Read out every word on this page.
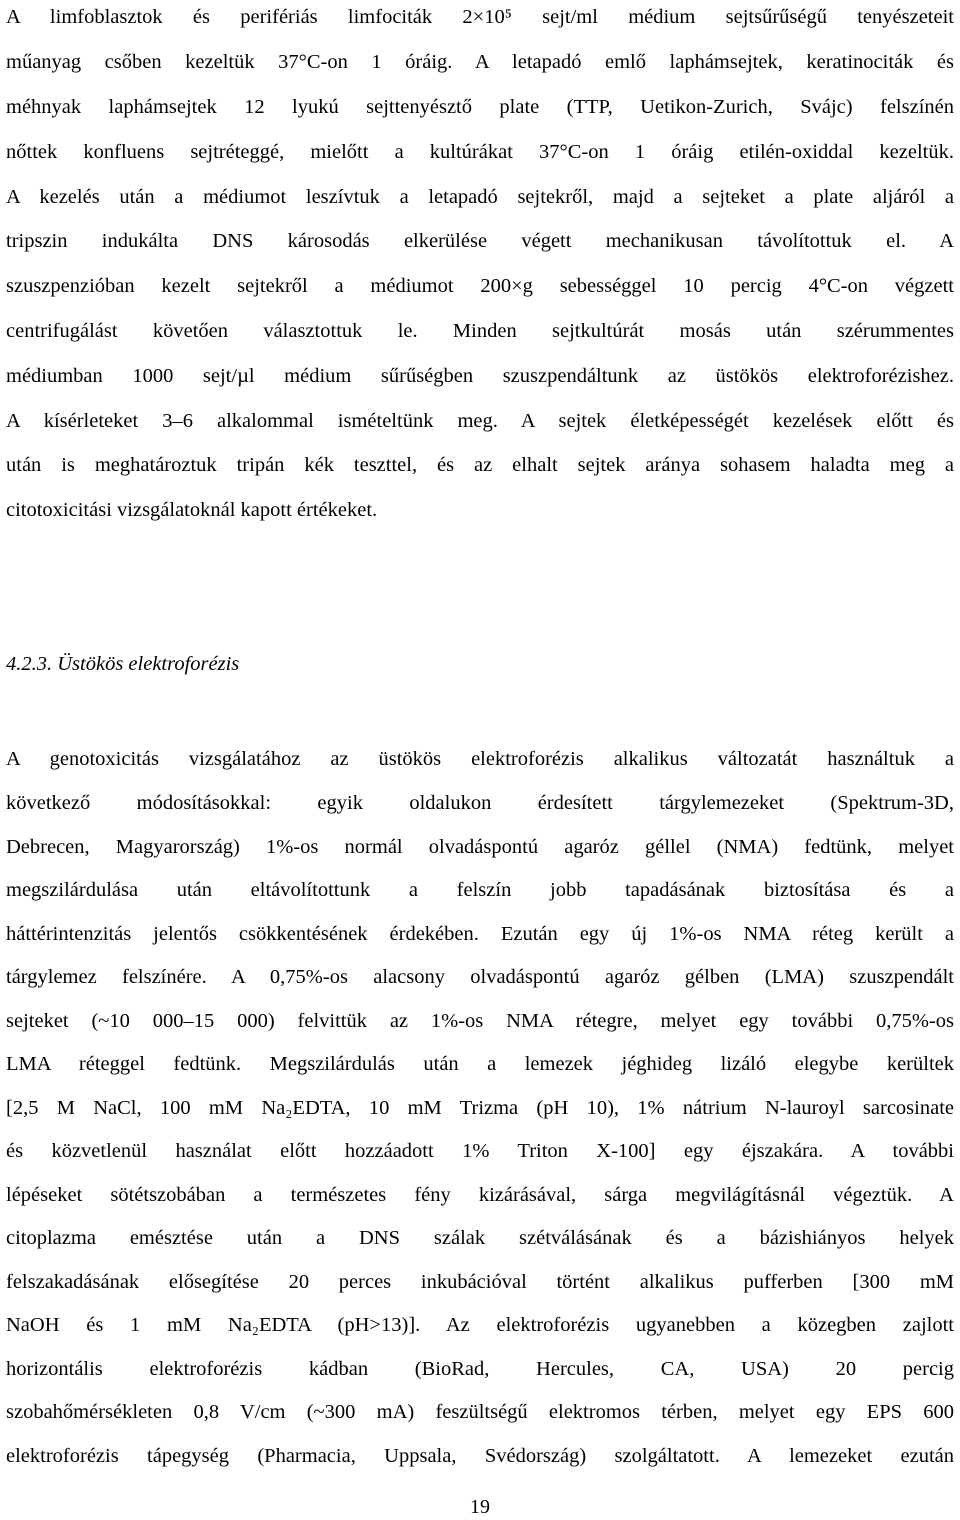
A limfoblasztok és perifériás limfociták 2×10⁵ sejt/ml médium sejtsűrűségű tenyészeteit
műanyag csőben kezeltük 37°C-on 1 óráig. A letapadó emlő laphámsejtek, keratinociták és
méhnyak laphámsejtek 12 lyukú sejttenyésztő plate (TTP, Uetikon-Zurich, Svájc) felszínén
nőttek konfluens sejtréteggé, mielőtt a kultúrákat 37°C-on 1 óráig etilén-oxiddal kezeltük.
A kezelés után a médiumot leszívtuk a letapadó sejtekről, majd a sejteket a plate aljáról a
tripszin indukálta DNS károsodás elkerülése végett mechanikusan távolítottuk el. A
szuszpenzióban kezelt sejtekről a médiumot 200×g sebességgel 10 percig 4°C-on végzett
centrifugálást követően választottuk le. Minden sejtkultúrát mosás után szérummentes
médiumban 1000 sejt/µl médium sűrűségben szuszpendáltunk az üstökös elektroforézishez.
A kísérleteket 3–6 alkalommal ismételtünk meg. A sejtek életképességét kezelések előtt és
után is meghatároztuk tripán kék teszttel, és az elhalt sejtek aránya sohasem haladta meg a
citotoxicitási vizsgálatoknál kapott értékeket.
4.2.3. Üstökös elektroforézis
A genotoxicitás vizsgálatához az üstökös elektroforézis alkalikus változatát használtuk a
következő módosításokkal: egyik oldalukon érdesített tárgylemezeket (Spektrum-3D,
Debrecen, Magyarország) 1%-os normál olvadáspontú agaróz géllel (NMA) fedtünk, melyet
megszilárdulása után eltávolítottunk a felszín jobb tapadásának biztosítása és a
háttérintenzitás jelentős csökkentésének érdekében. Ezután egy új 1%-os NMA réteg került a
tárgylemez felszínére. A 0,75%-os alacsony olvadáspontú agaróz gélben (LMA) szuszpendált
sejteket (~10 000–15 000) felvittük az 1%-os NMA rétegre, melyet egy további 0,75%-os
LMA réteggel fedtünk. Megszilárdulás után a lemezek jéghideg lizáló elegybe kerültek
[2,5 M NaCl, 100 mM Na₂EDTA, 10 mM Trizma (pH 10), 1% nátrium N-lauroyl sarcosinate
és közvetlenül használat előtt hozzáadott 1% Triton X-100] egy éjszakára. A további
lépéseket sötétszobában a természetes fény kizárásával, sárga megvilágításnál végeztük. A
citoplazma emésztése után a DNS szálak szétválásának és a bázishiányos helyek
felszakadásának elősegítése 20 perces inkubációval történt alkalikus pufferben [300 mM
NaOH és 1 mM Na₂EDTA (pH>13)]. Az elektroforézis ugyanebben a közegben zajlott
horizontális elektroforézis kádban (BioRad, Hercules, CA, USA) 20 percig
szobahőmérsékleten 0,8 V/cm (~300 mA) feszültségű elektromos térben, melyet egy EPS 600
elektroforézis tápegység (Pharmacia, Uppsala, Svédország) szolgáltatott. A lemezeket ezután
19
